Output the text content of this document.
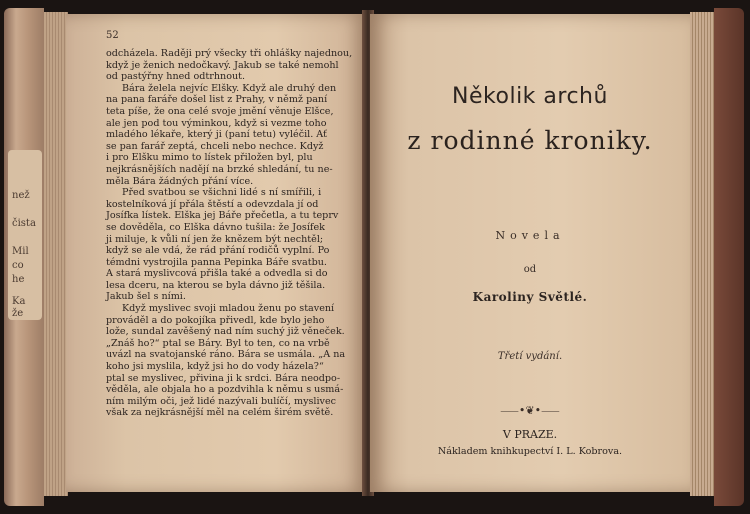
než
čista
Mil
co
he
Ka
že
52

odcházela. Raději prý všecky tři ohlášky najednou,

když je ženich nedočkavý. Jakub se také nemohl

od pastýřny hned odtrhnout.

Bára želela nejvíc Elšky. Když ale druhý den

na pana faráře došel list z Prahy, v němž paní

teta píše, že ona celé svoje jmění věnuje Elšce,

ale jen pod tou výminkou, když si vezme toho

mladého lékaře, který ji (paní tetu) vyléčil. Ať

se pan farář zeptá, chceli nebo nechce. Když

i pro Elšku mimo to lístek přiložen byl, plu

nejkrásnějších nadějí na brzké shledání, tu ne-

měla Bára žádných přání více.

Před svatbou se všichni lidé s ní smířili, i

kostelníková jí přála štěstí a odevzdala jí od

Josífka lístek. Elška jej Báře přečetla, a tu teprv

se dověděla, co Elška dávno tušila: že Josífek

ji miluje, k vůli ní jen že knězem být nechtěl;

když se ale vdá, že rád přání rodičů vyplní. Po

témdni vystrojila panna Pepinka Báře svatbu.

A stará myslivcová přišla také a odvedla si do

lesa dceru, na kterou se byla dávno již těšila.

Jakub šel s ními.

Když myslivec svoji mladou ženu po stavení

prováděl a do pokojíka přivedl, kde bylo jeho

lože, sundal zavěšený nad ním suchý již věneček.

„Znáš ho?“ ptal se Báry. Byl to ten, co na vrbě

uvázl na svatojanské ráno. Bára se usmála. „A na

koho jsi myslila, když jsi ho do vody házela?“

ptal se myslivec, přivina ji k srdci. Bára neodpo-

věděla, ale objala ho a pozdvihla k němu s usmá-

ním milým oči, jež lidé nazývali bulíčí, myslivec

však za nejkrásnější měl na celém širém světě.

Několik archů
z rodinné kroniky.
Novela
od
Karoliny Světlé.
Třetí vydání.
⸺•❦•⸺
V PRAZE.
Nákladem knihkupectví I. L. Kobrova.
